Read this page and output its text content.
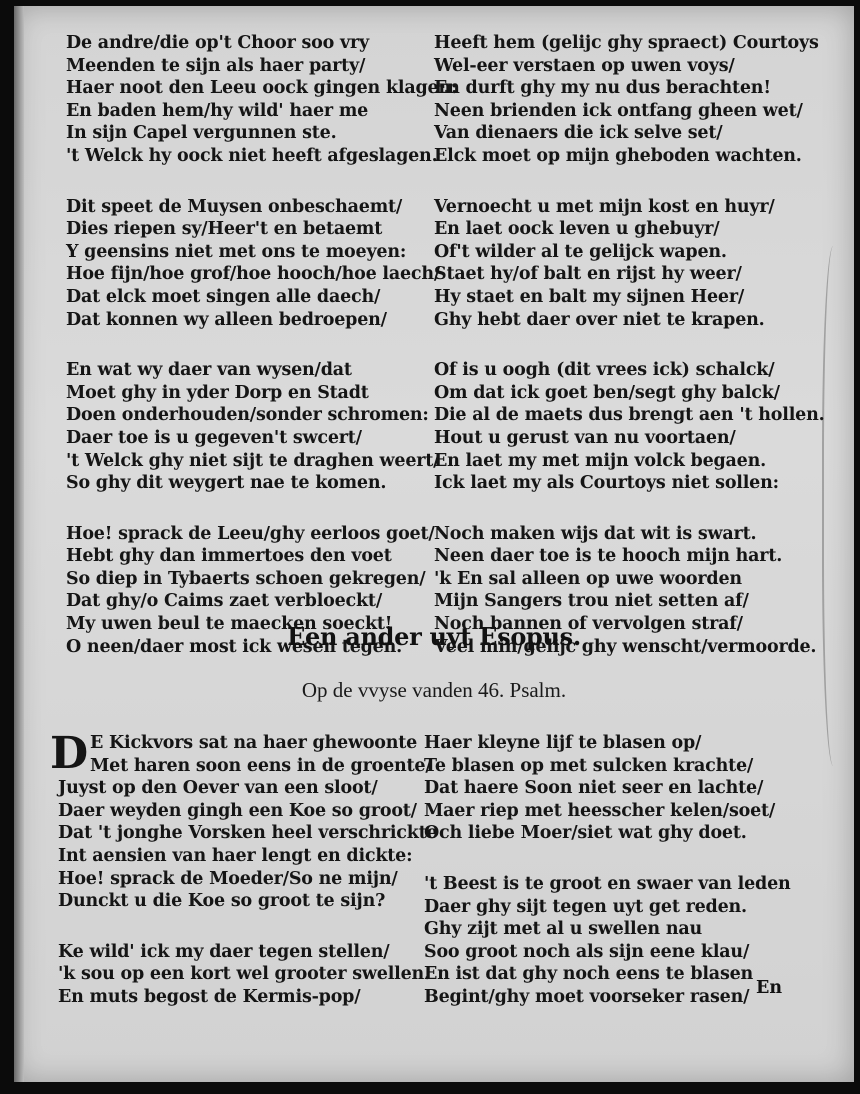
De andre/die op't Choor soo vry
Meenden te sijn als haer party/
Haer noot den Leeu oock gingen klagen:
En baden hem/hy wild' haer me
In sijn Capel vergunnen ste.
't Welck hy oock niet heeft afgeslagen.
Dit speet de Muysen onbeschaemt/
Dies riepen sy/Heer't en betaemt
Y geensins niet met ons te moeyen:
Hoe fijn/hoe grof/hoe hooch/hoe laech/
Dat elck moet singen alle daech/
Dat konnen wy alleen bedroepen/
En wat wy daer van wysen/dat
Moet ghy in yder Dorp en Stadt
Doen onderhouden/sonder schromen:
Daer toe is u gegeven't swcert/
't Welck ghy niet sijt te draghen weert/
So ghy dit weygert nae te komen.
Hoe! sprack de Leeu/ghy eerloos goet/
Hebt ghy dan immertoes den voet
So diep in Tybaerts schoen gekregen/
Dat ghy/o Caims zaet verbloeckt/
My uwen beul te maecken soeckt!
O neen/daer most ick wesen tegen.
Heeft hem (gelijc ghy spraect) Courtoys
Wel-eer verstaen op uwen voys/
En durft ghy my nu dus berachten!
Neen brienden ick ontfang gheen wet/
Van dienaers die ick selve set/
Elck moet op mijn gheboden wachten.
Vernoecht u met mijn kost en huyr/
En laet oock leven u ghebuyr/
Of't wilder al te gelijck wapen.
Staet hy/of balt en rijst hy weer/
Hy staet en balt my sijnen Heer/
Ghy hebt daer over niet te krapen.
Of is u oogh (dit vrees ick) schalck/
Om dat ick goet ben/segt ghy balck/
Die al de maets dus brengt aen 't hollen.
Hout u gerust van nu voortaen/
En laet my met mijn volck begaen.
Ick laet my als Courtoys niet sollen:
Noch maken wijs dat wit is swart.
Neen daer toe is te hooch mijn hart.
'k En sal alleen op uwe woorden
Mijn Sangers trou niet setten af/
Noch bannen of vervolgen straf/
Veel min/gelijc ghy wenscht/vermoorde.
Een ander uyt Esopus.
Op de vvyse vanden 46. Psalm.
D E Kickvors sat na haer ghewoonte
Met haren soon eens in de groente/
Juyst op den Oever van een sloot/
Daer weyden gingh een Koe so groot/
Dat 't jonghe Vorsken heel verschrickte
Int aensien van haer lengt en dickte:
Hoe! sprack de Moeder/So ne mijn/
Dunckt u die Koe so groot te sijn?
Ke wild' ick my daer tegen stellen/
'k sou op een kort wel grooter swellen.
En muts begost de Kermis-pop/
Haer kleyne lijf te blasen op/
Te blasen op met sulcken krachte/
Dat haere Soon niet seer en lachte/
Maer riep met heesscher kelen/soet/
Och liebe Moer/siet wat ghy doet.
't Beest is te groot en swaer van leden
Daer ghy sijt tegen uyt get reden.
Ghy zijt met al u swellen nau
Soo groot noch als sijn eene klau/
En ist dat ghy noch eens te blasen
Begint/ghy moet voorseker rasen/ En
